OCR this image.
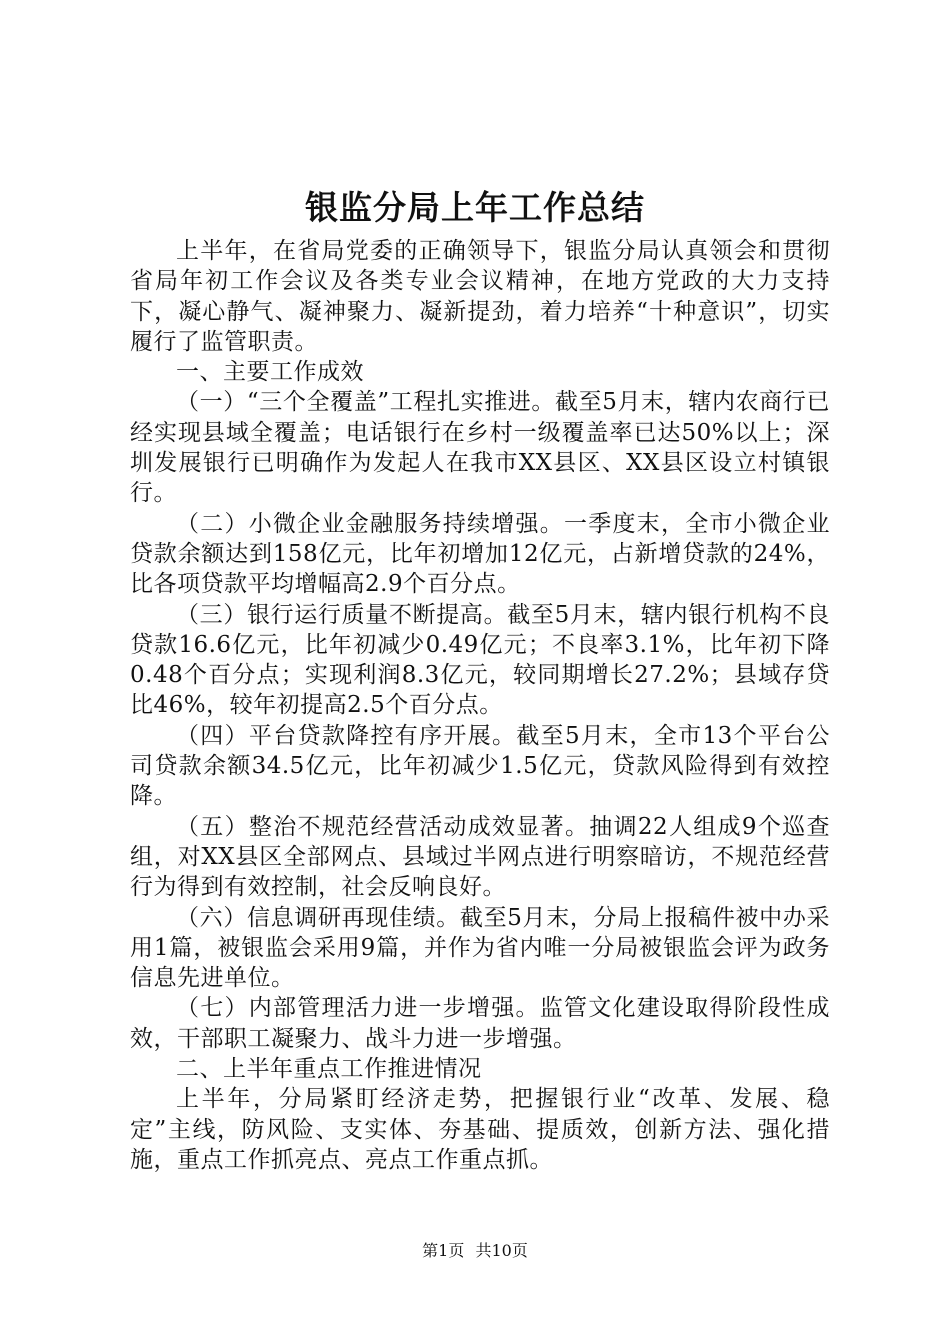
银监分局上年工作总结

上半年，在省局党委的正确领导下，银监分局认真领会和贯彻省局年初工作会议及各类专业会议精神，在地方党政的大力支持下，凝心静气、凝神聚力、凝新提劲，着力培养“十种意识”，切实履行了监管职责。

一、主要工作成效

（一）“三个全覆盖”工程扎实推进。截至5月末，辖内农商行已经实现县域全覆盖；电话银行在乡村一级覆盖率已达50%以上；深圳发展银行已明确作为发起人在我市XX县区、XX县区设立村镇银行。

（二）小微企业金融服务持续增强。一季度末，全市小微企业贷款余额达到158亿元，比年初增加12亿元，占新增贷款的24%，比各项贷款平均增幅高2.9个百分点。

（三）银行运行质量不断提高。截至5月末，辖内银行机构不良贷款16.6亿元，比年初减少0.49亿元；不良率3.1%，比年初下降0.48个百分点；实现利润8.3亿元，较同期增长27.2%；县域存贷比46%，较年初提高2.5个百分点。

（四）平台贷款降控有序开展。截至5月末，全市13个平台公司贷款余额34.5亿元，比年初减少1.5亿元，贷款风险得到有效控降。

（五）整治不规范经营活动成效显著。抽调22人组成9个巡查组，对XX县区全部网点、县域过半网点进行明察暗访，不规范经营行为得到有效控制，社会反响良好。

（六）信息调研再现佳绩。截至5月末，分局上报稿件被中办采用1篇，被银监会采用9篇，并作为省内唯一分局被银监会评为政务信息先进单位。

（七）内部管理活力进一步增强。监管文化建设取得阶段性成效，干部职工凝聚力、战斗力进一步增强。

二、上半年重点工作推进情况

上半年，分局紧盯经济走势，把握银行业“改革、发展、稳定”主线，防风险、支实体、夯基础、提质效，创新方法、强化措施，重点工作抓亮点、亮点工作重点抓。

第1页 共10页
